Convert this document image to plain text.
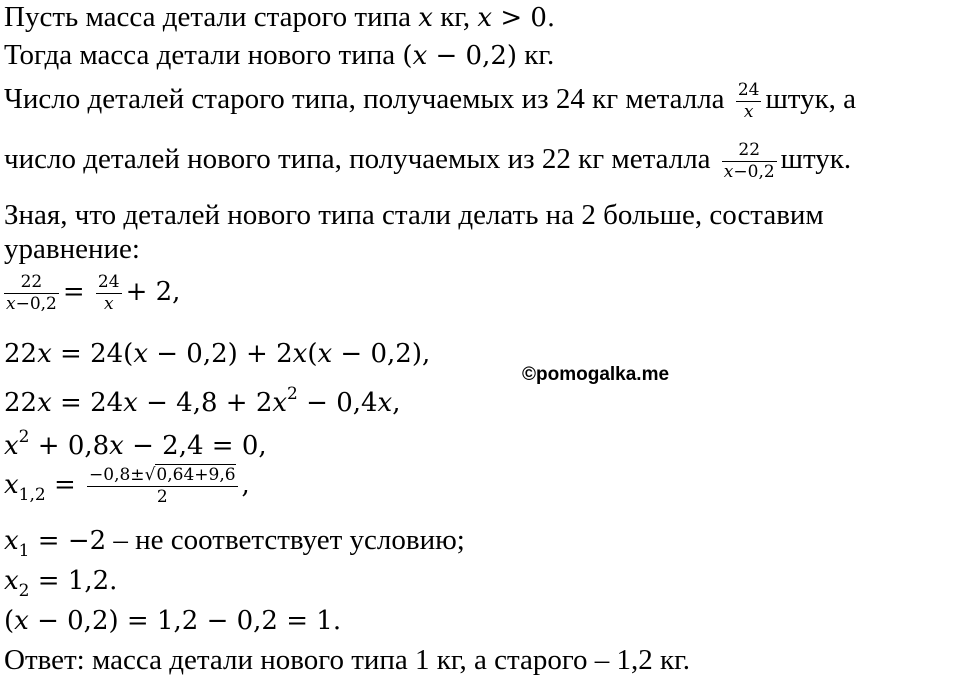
Пусть масса детали старого типа x кг, x > 0.
Тогда масса детали нового типа (x − 0,2) кг.
Число деталей старого типа, получаемых из 24 кг металла $\frac{24}{x}$ штук, а
число деталей нового типа, получаемых из 22 кг металла $\frac{22}{x-0,2}$ штук.
Зная, что деталей нового типа стали делать на 2 больше, составим
уравнение:
$\frac{22}{x-0,2} = \frac{24}{x} + 2$,
22x = 24(x − 0,2) + 2x(x − 0,2),
©pomogalka.me
$22x = 24x - 4,8 + 2x^2 - 0,4x$,
$x^2 + 0,8x - 2,4 = 0$,
$x_{1,2} = \frac{-0,8\pm√0,64+9,6}{2}$ ,
$x_1 = -2$ – не соответствует условию;
$x_2 = 1,2$.
(x − 0,2) = 1,2 − 0,2 = 1.
Ответ: масса детали нового типа 1 кг, а старого – 1,2 кг.
